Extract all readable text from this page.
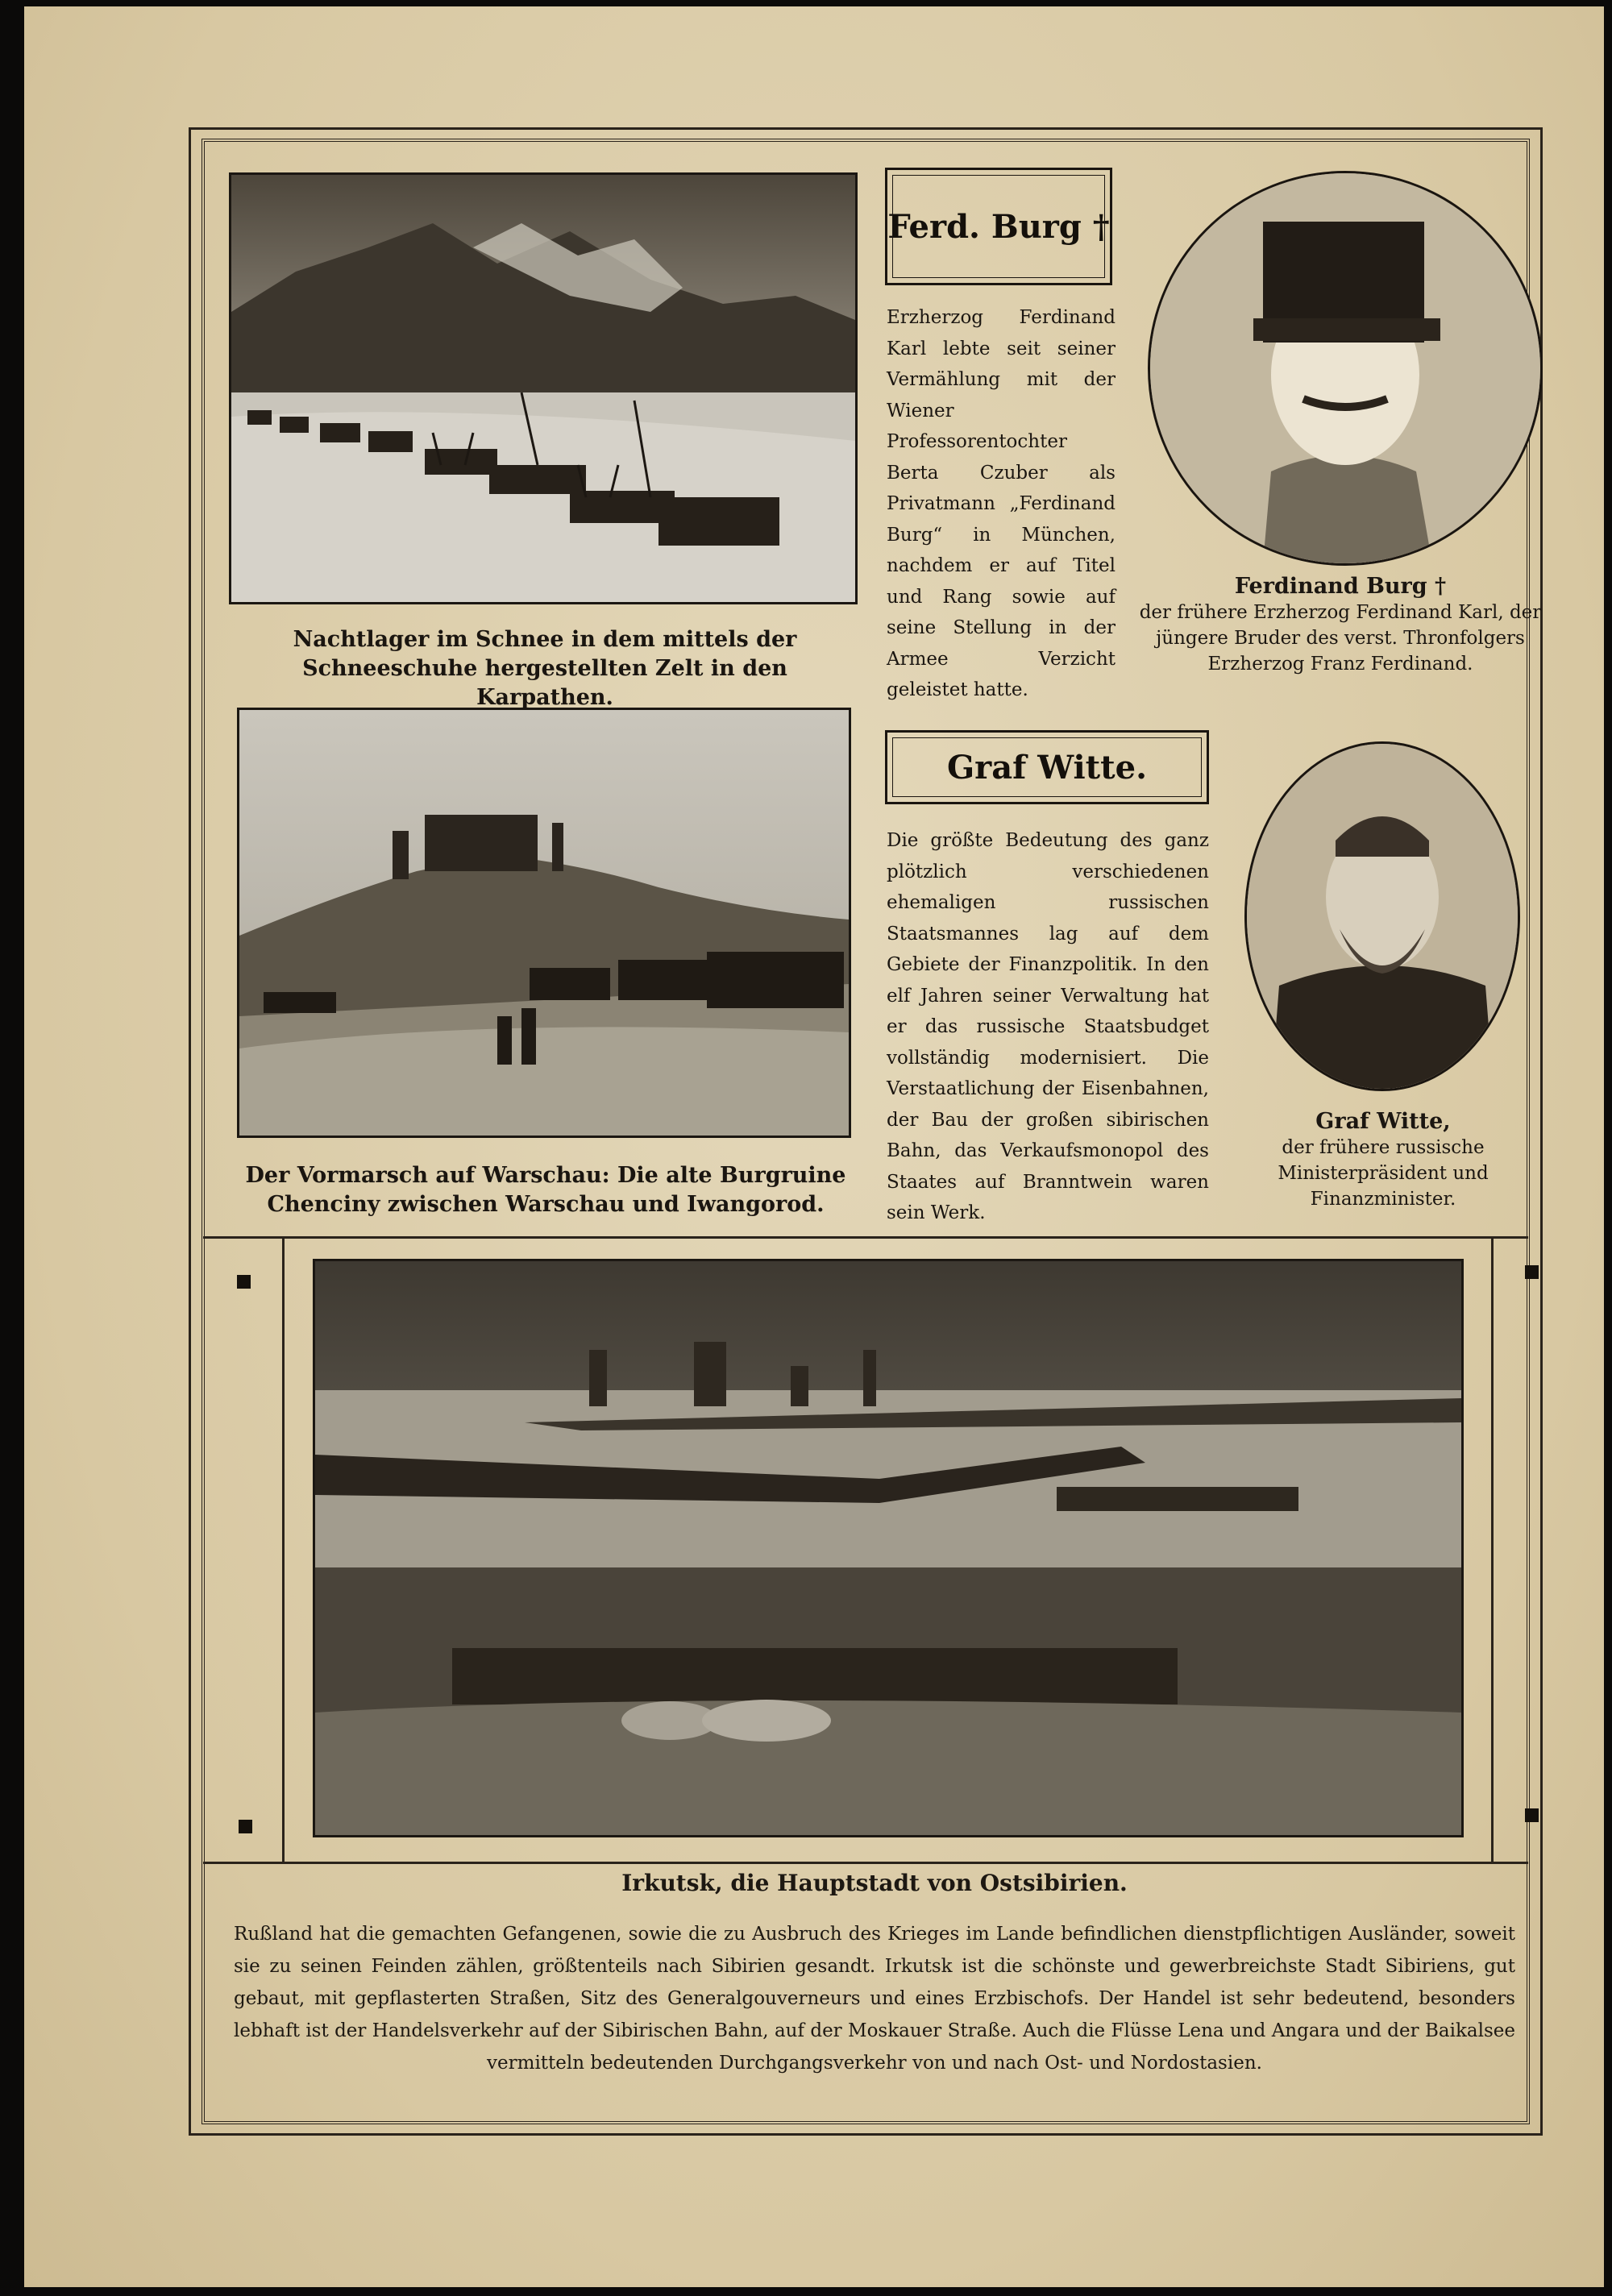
Nachtlager im Schnee in dem mittels der Schneeschuhe hergestellten Zelt in den Karpathen.
Der Vormarsch auf Warschau: Die alte Burgruine Chenciny zwischen Warschau und Iwangorod.
Ferd. Burg †

Erzherzog Ferdinand Karl lebte seit seiner Vermählung mit der Wiener Professorentochter Berta Czuber als Privatmann „Ferdinand Burg“ in München, nachdem er auf Titel und Rang sowie auf seine Stellung in der Armee Verzicht geleistet hatte.

Ferdinand Burg †
der frühere Erzherzog Ferdinand Karl, der jüngere Bruder des verst. Thronfolgers Erzherzog Franz Ferdinand.
Graf Witte.

Die größte Bedeutung des ganz plötzlich verschiedenen ehemaligen russischen Staatsmannes lag auf dem Gebiete der Finanzpolitik. In den elf Jahren seiner Verwaltung hat er das russische Staatsbudget vollständig modernisiert. Die Verstaatlichung der Eisenbahnen, der Bau der großen sibirischen Bahn, das Verkaufsmonopol des Staates auf Branntwein waren sein Werk.

Graf Witte,
der frühere russische Ministerpräsident und Finanzminister.
Irkutsk, die Hauptstadt von Ostsibirien.
Rußland hat die gemachten Gefangenen, sowie die zu Ausbruch des Krieges im Lande befindlichen dienstpflichtigen Ausländer, soweit sie zu seinen Feinden zählen, größtenteils nach Sibirien gesandt. Irkutsk ist die schönste und gewerbreichste Stadt Sibiriens, gut gebaut, mit gepflasterten Straßen, Sitz des Generalgouverneurs und eines Erzbischofs. Der Handel ist sehr bedeutend, besonders lebhaft ist der Handelsverkehr auf der Sibirischen Bahn, auf der Moskauer Straße. Auch die Flüsse Lena und Angara und der Baikalsee vermitteln bedeutenden Durchgangsverkehr von und nach Ost- und Nordostasien.
